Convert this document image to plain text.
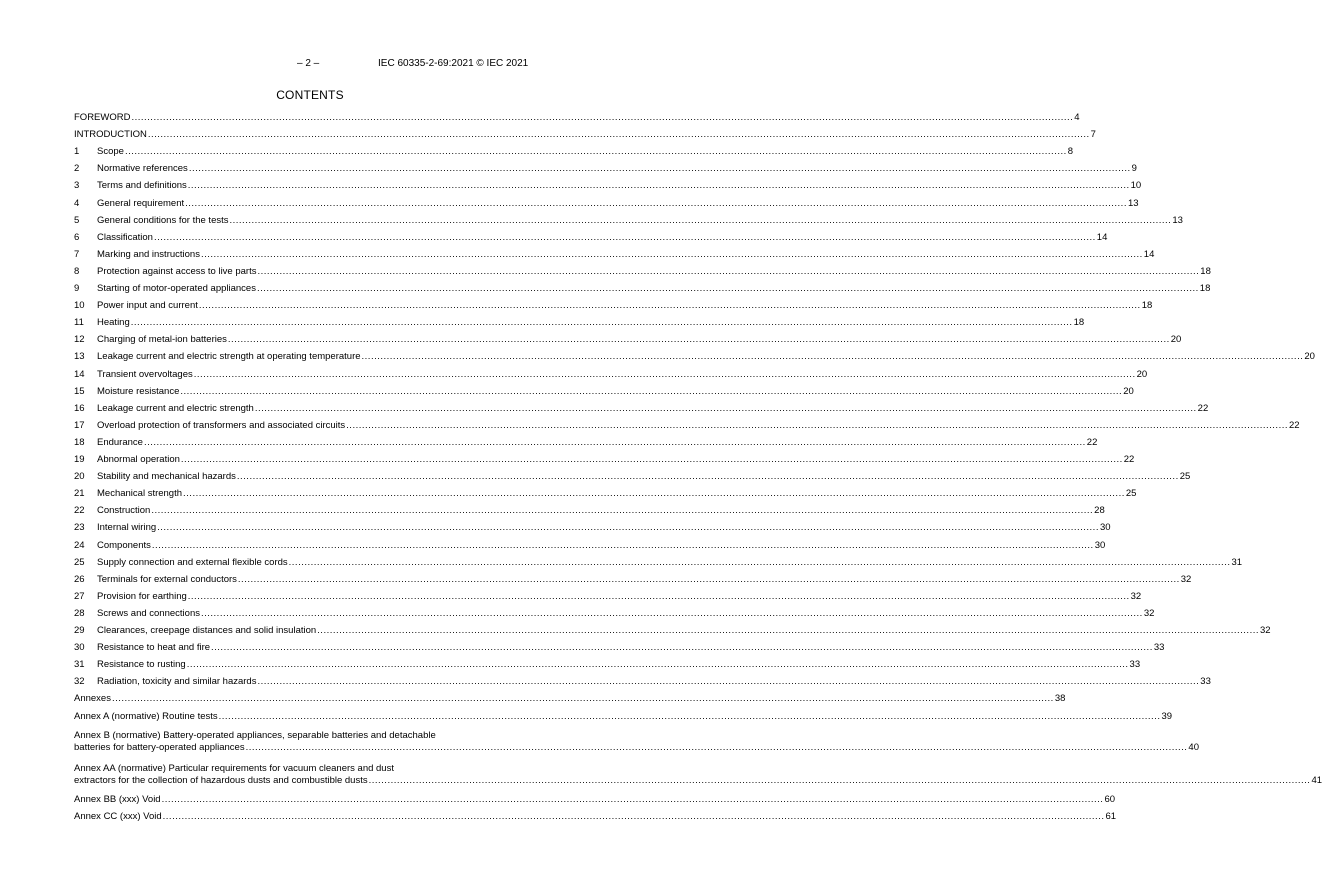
– 2 –	IEC 60335-2-69:2021 © IEC 2021
CONTENTS
FOREWORD ............................................................................................................................................................................................................................................................................................................ 4
INTRODUCTION ............................................................................................................................................................................................................................................................................................................ 7
1	Scope ............................................................................................................................................................................................................................................................................................................ 8
2	Normative references ............................................................................................................................................................................................................................................................................................................ 9
3	Terms and definitions ............................................................................................................................................................................................................................................................................................................ 10
4	General requirement ............................................................................................................................................................................................................................................................................................................ 13
5	General conditions for the tests ............................................................................................................................................................................................................................................................................................................ 13
6	Classification ............................................................................................................................................................................................................................................................................................................ 14
7	Marking and instructions ............................................................................................................................................................................................................................................................................................................ 14
8	Protection against access to live parts ............................................................................................................................................................................................................................................................................................................ 18
9	Starting of motor-operated appliances ............................................................................................................................................................................................................................................................................................................ 18
10	Power input and current ............................................................................................................................................................................................................................................................................................................ 18
11	Heating ............................................................................................................................................................................................................................................................................................................ 18
12	Charging of metal-ion batteries ............................................................................................................................................................................................................................................................................................................ 20
13	Leakage current and electric strength at operating temperature ............................................................................................................................................................................................................................................................................................................ 20
14	Transient overvoltages ............................................................................................................................................................................................................................................................................................................ 20
15	Moisture resistance ............................................................................................................................................................................................................................................................................................................ 20
16	Leakage current and electric strength ............................................................................................................................................................................................................................................................................................................ 22
17	Overload protection of transformers and associated circuits ............................................................................................................................................................................................................................................................................................................ 22
18	Endurance ............................................................................................................................................................................................................................................................................................................ 22
19	Abnormal operation ............................................................................................................................................................................................................................................................................................................ 22
20	Stability and mechanical hazards ............................................................................................................................................................................................................................................................................................................ 25
21	Mechanical strength ............................................................................................................................................................................................................................................................................................................ 25
22	Construction ............................................................................................................................................................................................................................................................................................................ 28
23	Internal wiring ............................................................................................................................................................................................................................................................................................................ 30
24	Components ............................................................................................................................................................................................................................................................................................................ 30
25	Supply connection and external flexible cords ............................................................................................................................................................................................................................................................................................................ 31
26	Terminals for external conductors ............................................................................................................................................................................................................................................................................................................ 32
27	Provision for earthing ............................................................................................................................................................................................................................................................................................................ 32
28	Screws and connections ............................................................................................................................................................................................................................................................................................................ 32
29	Clearances, creepage distances and solid insulation ............................................................................................................................................................................................................................................................................................................ 32
30	Resistance to heat and fire ............................................................................................................................................................................................................................................................................................................ 33
31	Resistance to rusting ............................................................................................................................................................................................................................................................................................................ 33
32	Radiation, toxicity and similar hazards ............................................................................................................................................................................................................................................................................................................ 33
Annexes ............................................................................................................................................................................................................................................................................................................ 38
Annex A (normative) Routine tests ............................................................................................................................................................................................................................................................................................................ 39
Annex B (normative) Battery-operated appliances, separable batteries and detachable
batteries for battery-operated appliances ............................................................................................................................................................................................................................................................................................................ 40
Annex AA (normative) Particular requirements for vacuum cleaners and dust
extractors for the collection of hazardous dusts and combustible dusts ............................................................................................................................................................................................................................................................................................................ 41
Annex BB (xxx) Void ............................................................................................................................................................................................................................................................................................................ 60
Annex CC (xxx) Void ............................................................................................................................................................................................................................................................................................................ 61
